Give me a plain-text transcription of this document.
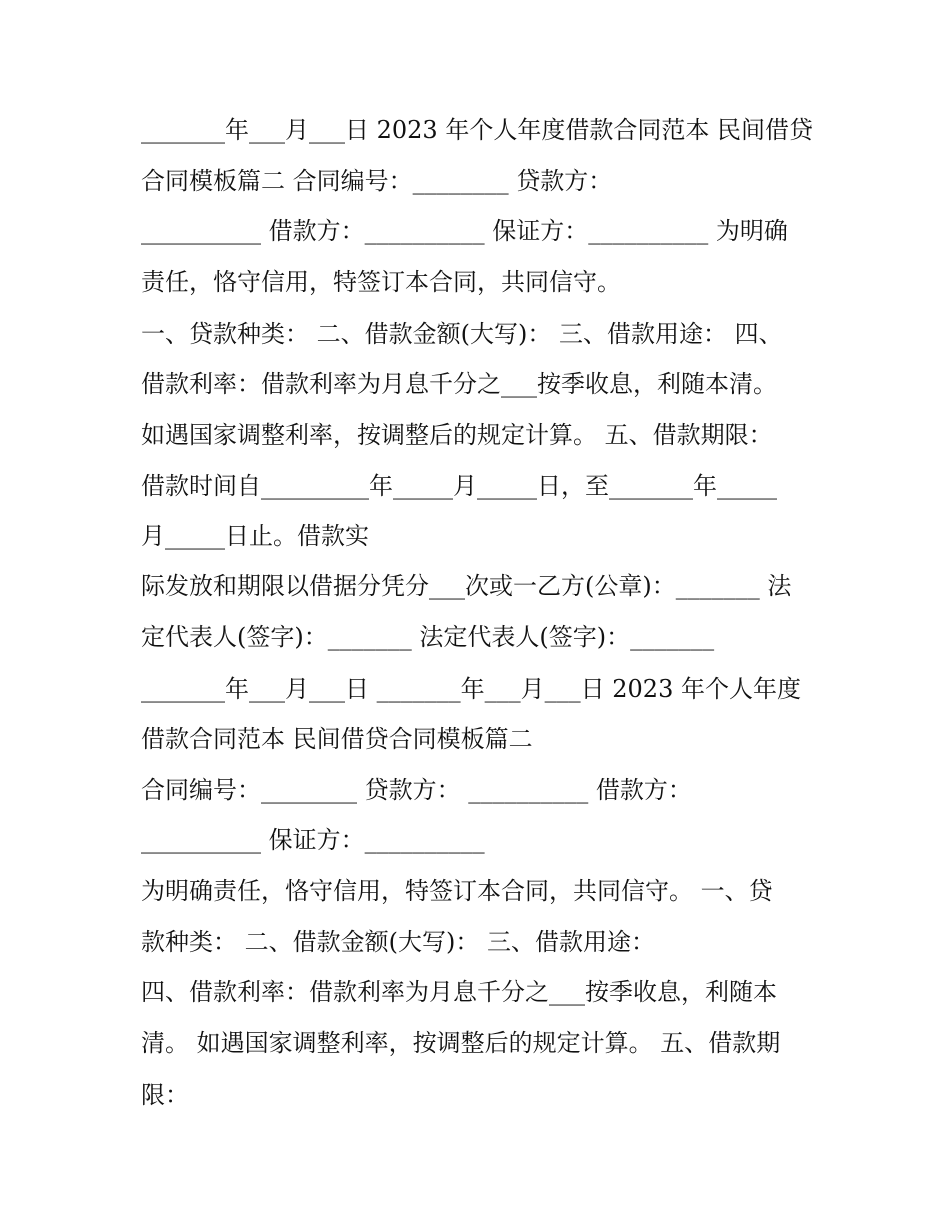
_______年___月___日 2023 年个人年度借款合同范本 民间借贷
合同模板篇二 合同编号：________ 贷款方：
__________ 借款方：__________ 保证方：__________ 为明确
责任，恪守信用，特签订本合同，共同信守。
一、贷款种类： 二、借款金额(大写)： 三、借款用途： 四、
借款利率：借款利率为月息千分之___按季收息，利随本清。
如遇国家调整利率，按调整后的规定计算。 五、借款期限：
借款时间自_________年_____月_____日，至_______年_____
月_____日止。借款实
际发放和期限以借据分凭分___次或一乙方(公章)：_______ 法
定代表人(签字)：_______ 法定代表人(签字)：_______
_______年___月___日 _______年___月___日 2023 年个人年度
借款合同范本 民间借贷合同模板篇二
合同编号：________ 贷款方： __________ 借款方：
__________ 保证方：__________
为明确责任，恪守信用，特签订本合同，共同信守。 一、贷
款种类： 二、借款金额(大写)： 三、借款用途：
四、借款利率：借款利率为月息千分之___按季收息，利随本
清。 如遇国家调整利率，按调整后的规定计算。 五、借款期
限：
